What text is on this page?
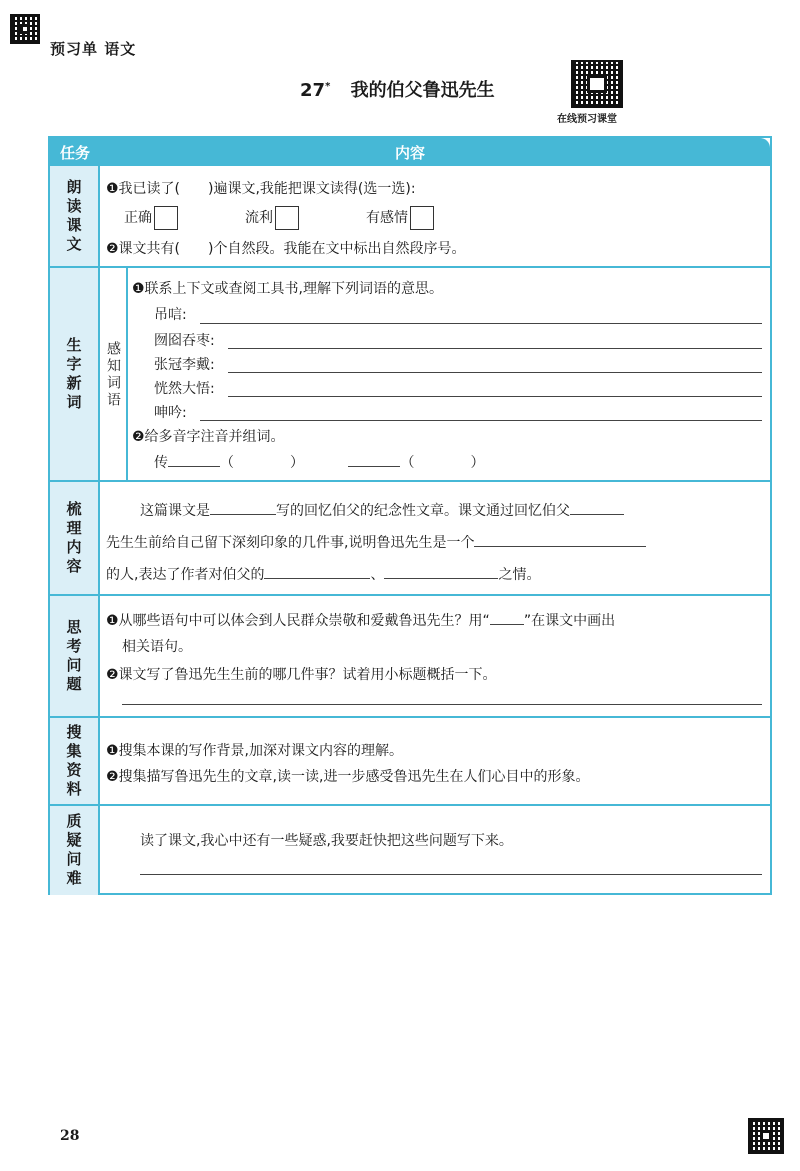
预习单 语文
27* 我的伯父鲁迅先生
在线预习课堂
任务	内容
朗读课文 ❶我已读了(　　)遍课文,我能把课文读得(选一选):
正确	流利	有感情
❷课文共有(　　)个自然段。我能在文中标出自然段序号。
生字新词 感知词语
❶联系上下文或查阅工具书,理解下列词语的意思。
吊唁:
囫囵吞枣:
张冠李戴:
恍然大悟:
呻吟:
❷给多音字注音并组词。
传	（　　　　）	（　　　　）
梳理内容	这篇课文是	写的回忆伯父的纪念性文章。课文通过回忆伯父
先生生前给自己留下深刻印象的几件事,说明鲁迅先生是一个
的人,表达了作者对伯父的	、	之情。
思考问题 ❶从哪些语句中可以体会到人民群众崇敬和爱戴鲁迅先生？用“ ”在课文中画出
相关语句。
❷课文写了鲁迅先生生前的哪几件事？试着用小标题概括一下。
搜集资料 ❶搜集本课的写作背景,加深对课文内容的理解。
❷搜集描写鲁迅先生的文章,读一读,进一步感受鲁迅先生在人们心目中的形象。
质疑问难	读了课文,我心中还有一些疑惑,我要赶快把这些问题写下来。
28
